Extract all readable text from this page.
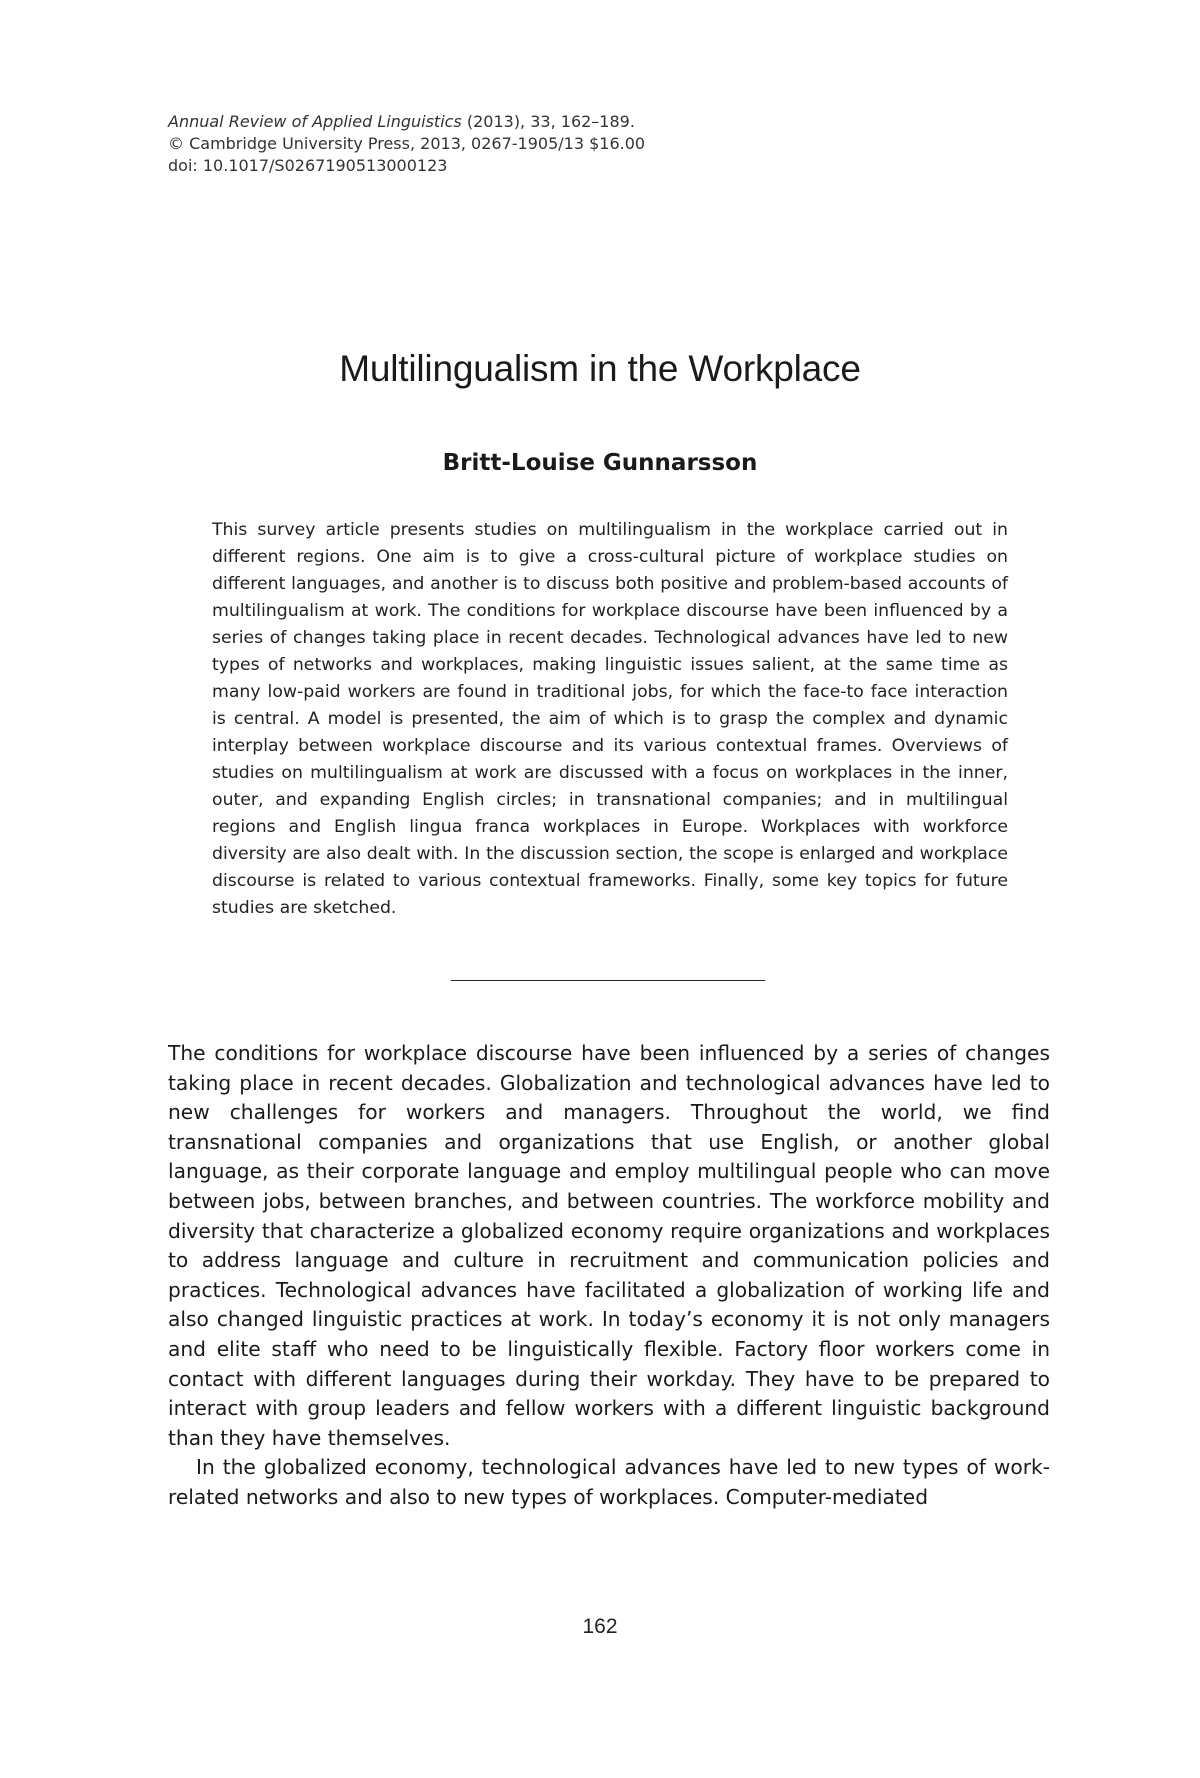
Annual Review of Applied Linguistics (2013), 33, 162–189.
© Cambridge University Press, 2013, 0267-1905/13 $16.00
doi: 10.1017/S0267190513000123
Multilingualism in the Workplace
Britt-Louise Gunnarsson
This survey article presents studies on multilingualism in the workplace carried out in different regions. One aim is to give a cross-cultural picture of workplace studies on different languages, and another is to discuss both positive and problem-based accounts of multilingualism at work. The conditions for workplace discourse have been influenced by a series of changes taking place in recent decades. Technological advances have led to new types of networks and workplaces, making linguistic issues salient, at the same time as many low-paid workers are found in traditional jobs, for which the face-to face interaction is central. A model is presented, the aim of which is to grasp the complex and dynamic interplay between workplace discourse and its various contextual frames. Overviews of studies on multilingualism at work are discussed with a focus on workplaces in the inner, outer, and expanding English circles; in transnational companies; and in multilingual regions and English lingua franca workplaces in Europe. Workplaces with workforce diversity are also dealt with. In the discussion section, the scope is enlarged and workplace discourse is related to various contextual frameworks. Finally, some key topics for future studies are sketched.

The conditions for workplace discourse have been influenced by a series of changes taking place in recent decades. Globalization and technological advances have led to new challenges for workers and managers. Throughout the world, we find transnational companies and organizations that use English, or another global language, as their corporate language and employ multilingual people who can move between jobs, between branches, and between countries. The workforce mobility and diversity that characterize a globalized economy require organizations and workplaces to address language and culture in recruitment and communication policies and practices. Technological advances have facilitated a globalization of working life and also changed linguistic practices at work. In today’s economy it is not only managers and elite staff who need to be linguistically flexible. Factory floor workers come in contact with different languages during their workday. They have to be prepared to interact with group leaders and fellow workers with a different linguistic background than they have themselves.

In the globalized economy, technological advances have led to new types of work-related networks and also to new types of workplaces. Computer-mediated

162
